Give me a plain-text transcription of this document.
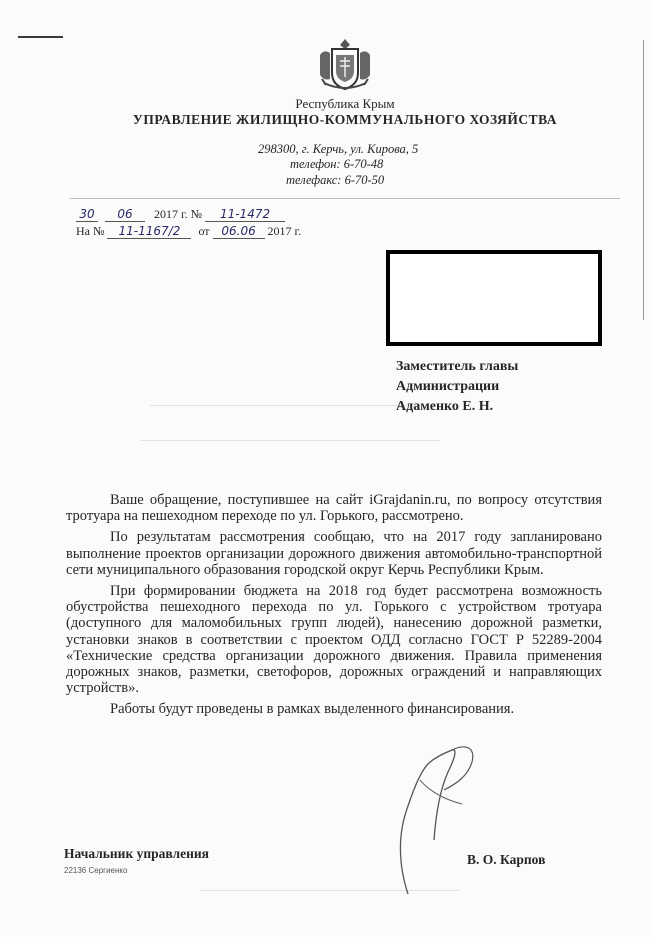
Республика Крым
УПРАВЛЕНИЕ ЖИЛИЩНО-КОММУНАЛЬНОГО ХОЗЯЙСТВА
298300, г. Керчь, ул. Кирова, 5
телефон: 6-70-48
телефакс: 6-70-50
30 06 2017 г. № 11-1472
На № 11-1167/2 от 06.06 2017 г.
Заместитель главы
Администрации
Адаменко Е. Н.

Ваше обращение, поступившее на сайт iGrajdanin.ru, по вопросу отсутствия тротуара на пешеходном переходе по ул. Горького, рассмотрено.

По результатам рассмотрения сообщаю, что на 2017 году запланировано выполнение проектов организации дорожного движения автомобильно-транспортной сети муниципального образования городской округ Керчь Республики Крым.

При формировании бюджета на 2018 год будет рассмотрена возможность обустройства пешеходного перехода по ул. Горького с устройством тротуара (доступного для маломобильных групп людей), нанесению дорожной разметки, установки знаков в соответствии с проектом ОДД согласно ГОСТ Р 52289-2004 «Технические средства организации дорожного движения. Правила применения дорожных знаков, разметки, светофоров, дорожных ограждений и направляющих устройств».

Работы будут проведены в рамках выделенного финансирования.

Начальник управления	В. О. Карпов
22136 Сергиенко
